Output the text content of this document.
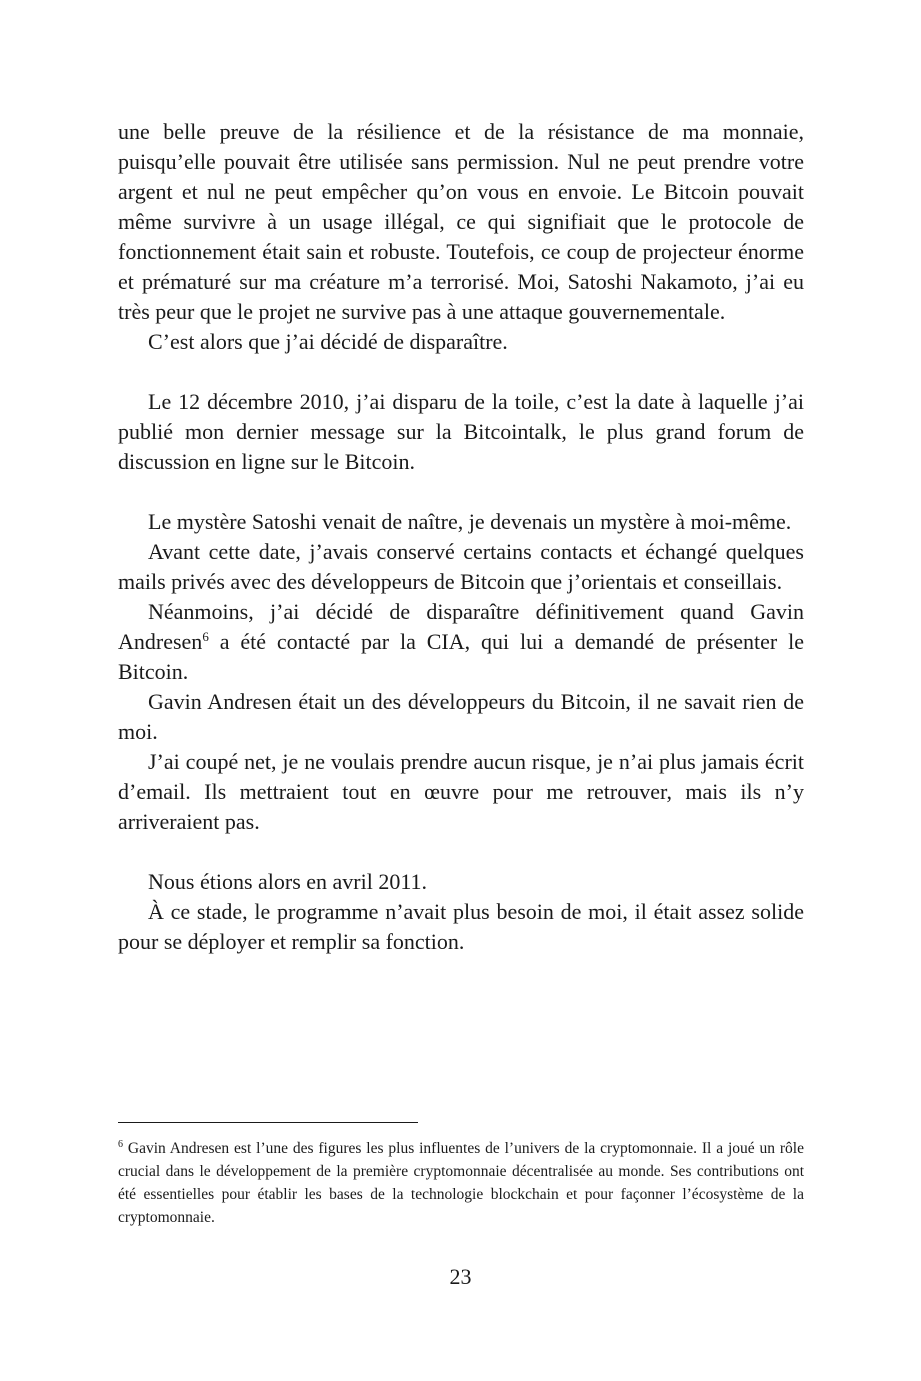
une belle preuve de la résilience et de la résistance de ma monnaie, puisqu’elle pouvait être utilisée sans permission. Nul ne peut prendre votre argent et nul ne peut empêcher qu’on vous en envoie. Le Bitcoin pouvait même survivre à un usage illégal, ce qui signifiait que le protocole de fonctionnement était sain et robuste. Toutefois, ce coup de projecteur énorme et prématuré sur ma créature m’a terrorisé. Moi, Satoshi Nakamoto, j’ai eu très peur que le projet ne survive pas à une attaque gouvernementale.

C’est alors que j’ai décidé de disparaître.

Le 12 décembre 2010, j’ai disparu de la toile, c’est la date à laquelle j’ai publié mon dernier message sur la Bitcointalk, le plus grand forum de discussion en ligne sur le Bitcoin.

Le mystère Satoshi venait de naître, je devenais un mystère à moi-même.

Avant cette date, j’avais conservé certains contacts et échangé quelques mails privés avec des développeurs de Bitcoin que j’orientais et conseillais.

Néanmoins, j’ai décidé de disparaître définitivement quand Gavin Andresen$^6$ a été contacté par la CIA, qui lui a demandé de présenter le Bitcoin.

Gavin Andresen était un des développeurs du Bitcoin, il ne savait rien de moi.

J’ai coupé net, je ne voulais prendre aucun risque, je n’ai plus jamais écrit d’email. Ils mettraient tout en œuvre pour me retrouver, mais ils n’y arriveraient pas.

Nous étions alors en avril 2011.

À ce stade, le programme n’avait plus besoin de moi, il était assez solide pour se déployer et remplir sa fonction.

$^6$ Gavin Andresen est l’une des figures les plus influentes de l’univers de la cryptomonnaie. Il a joué un rôle crucial dans le développement de la première cryptomonnaie décentralisée au monde. Ses contributions ont été essentielles pour établir les bases de la technologie blockchain et pour façonner l’écosystème de la cryptomonnaie.

23
